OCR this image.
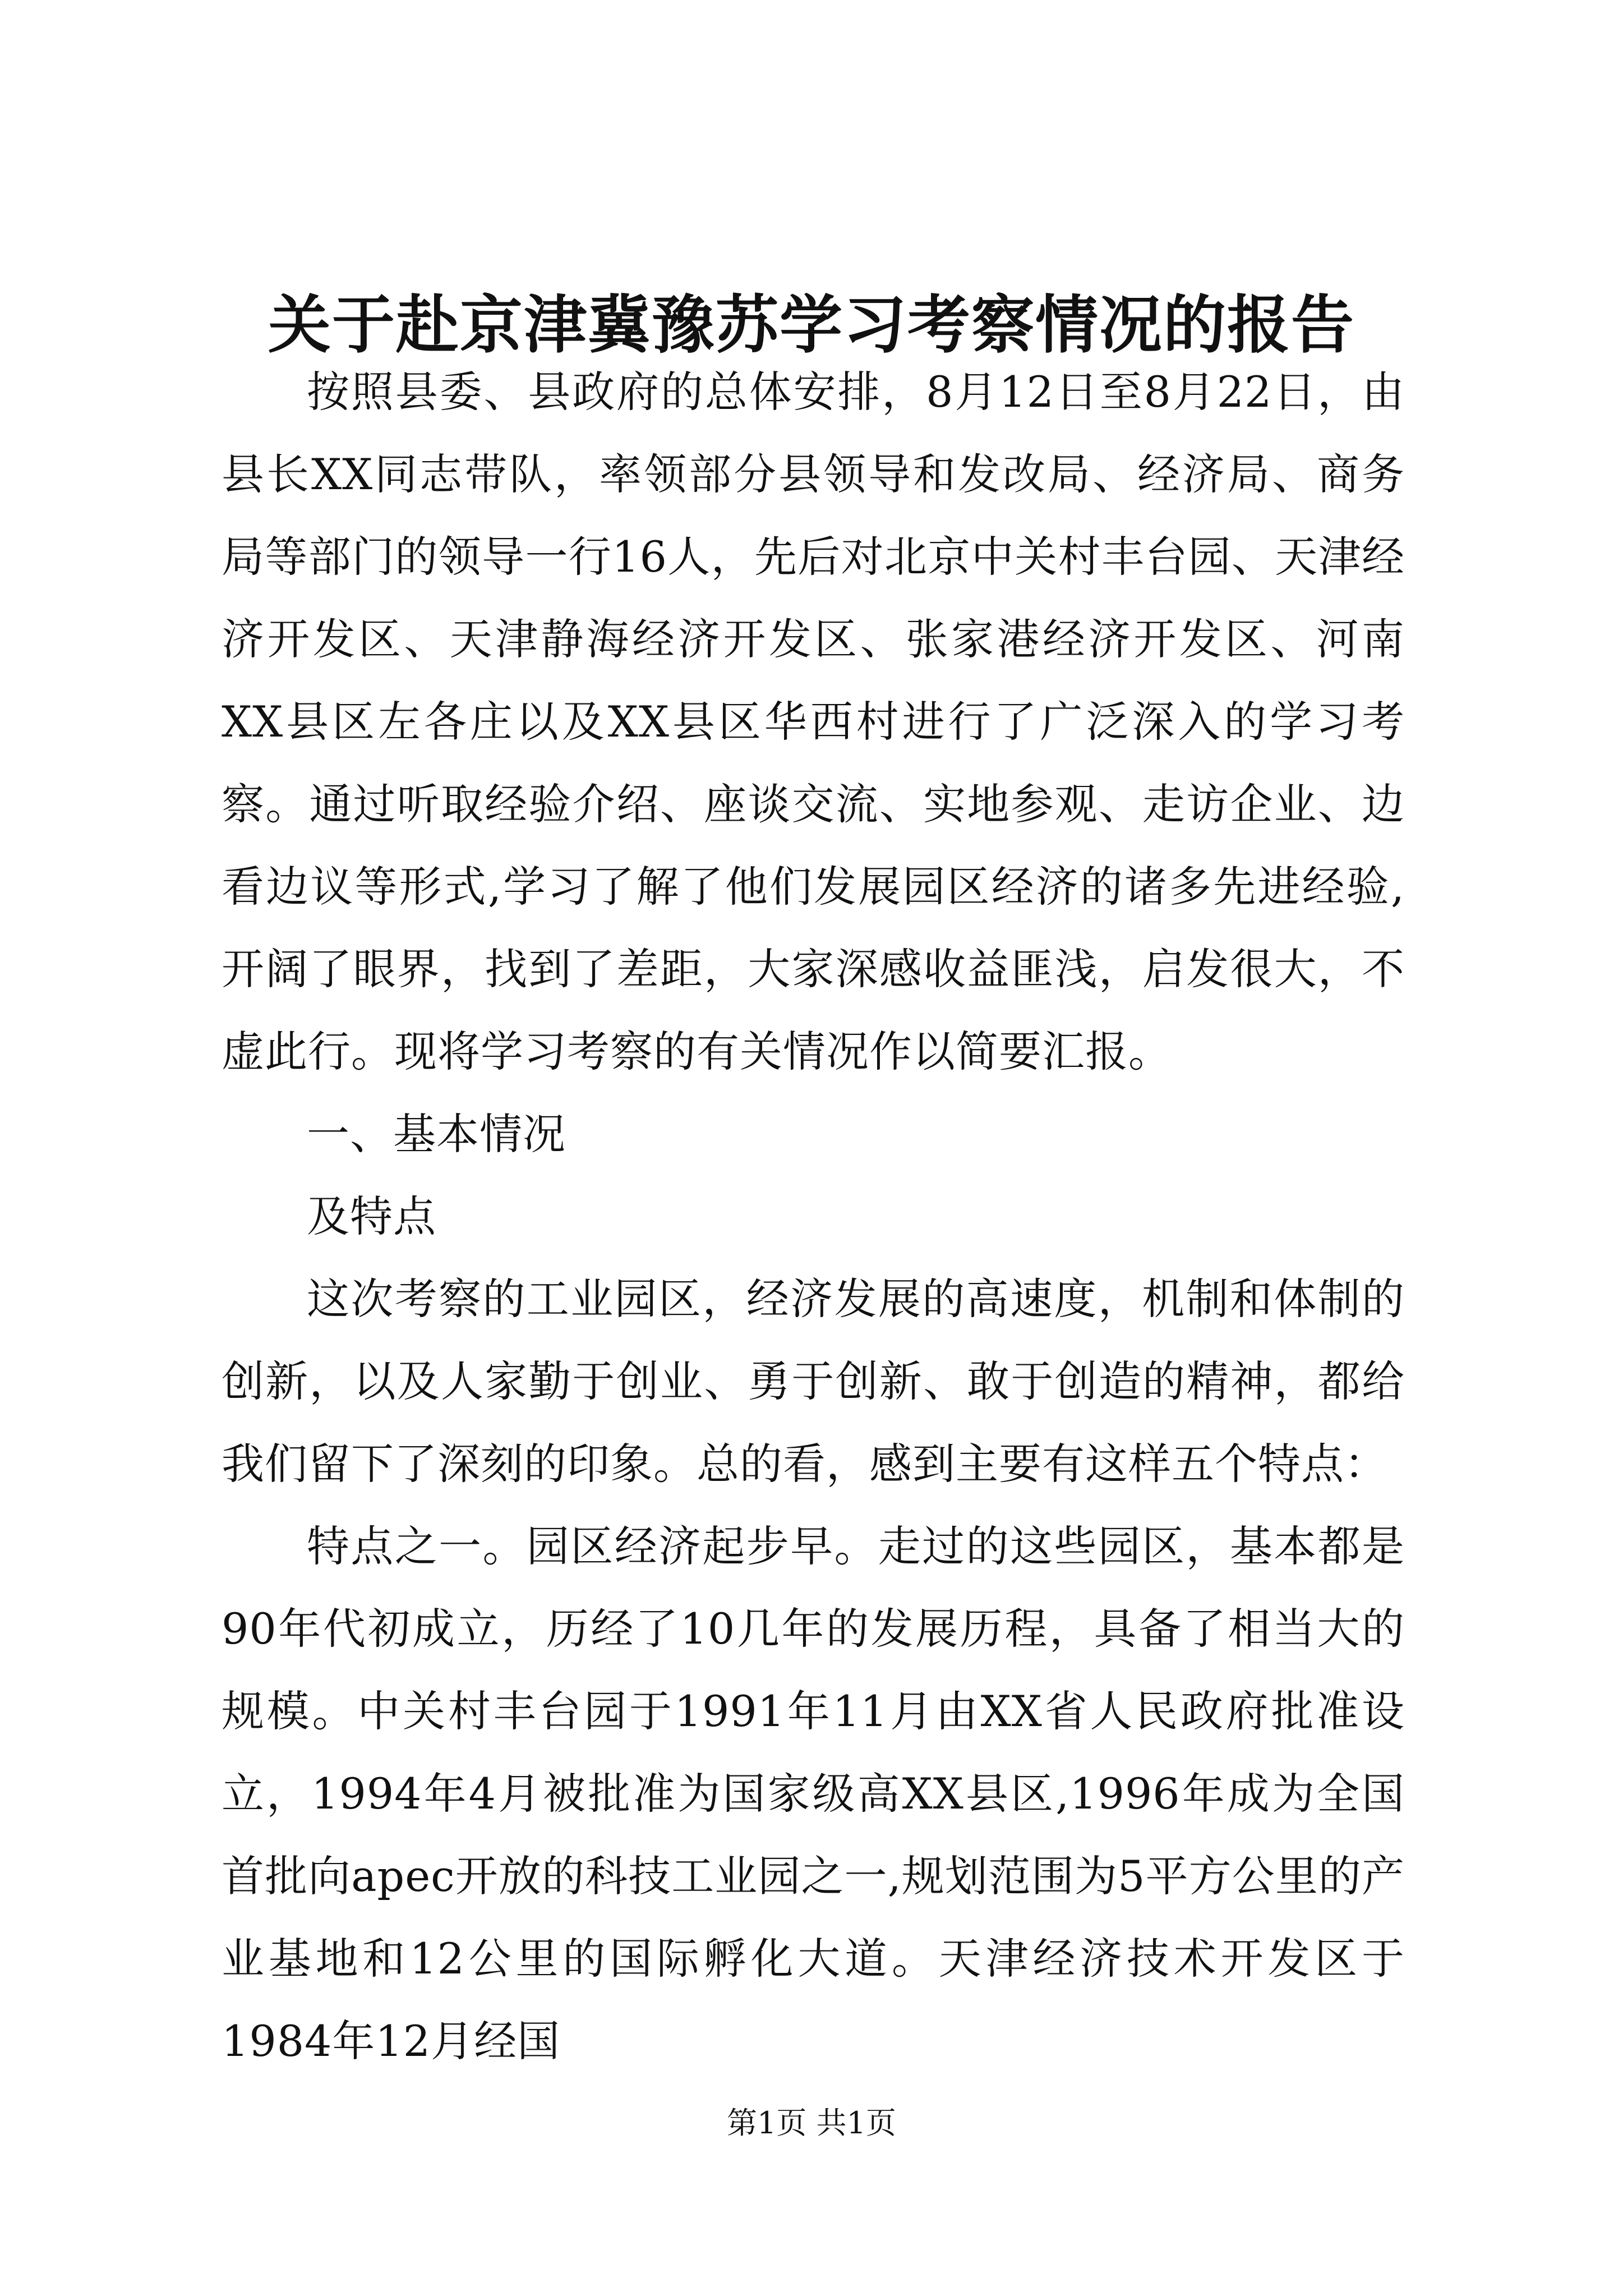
关于赴京津冀豫苏学习考察情况的报告

按照县委、县政府的总体安排，8月12日至8月22日，由县长XX同志带队，率领部分县领导和发改局、经济局、商务局等部门的领导一行16人，先后对北京中关村丰台园、天津经济开发区、天津静海经济开发区、张家港经济开发区、河南XX县区左各庄以及XX县区华西村进行了广泛深入的学习考察。通过听取经验介绍、座谈交流、实地参观、走访企业、边看边议等形式,学习了解了他们发展园区经济的诸多先进经验,开阔了眼界，找到了差距，大家深感收益匪浅，启发很大，不虚此行。现将学习考察的有关情况作以简要汇报。

一、基本情况

及特点

这次考察的工业园区，经济发展的高速度，机制和体制的创新，以及人家勤于创业、勇于创新、敢于创造的精神，都给我们留下了深刻的印象。总的看，感到主要有这样五个特点：

特点之一。园区经济起步早。走过的这些园区，基本都是90年代初成立，历经了10几年的发展历程，具备了相当大的规模。中关村丰台园于1991年11月由XX省人民政府批准设立，1994年4月被批准为国家级高XX县区,1996年成为全国首批向apec开放的科技工业园之一,规划范围为5平方公里的产业基地和12公里的国际孵化大道。天津经济技术开发区于1984年12月经国

第1页 共1页
